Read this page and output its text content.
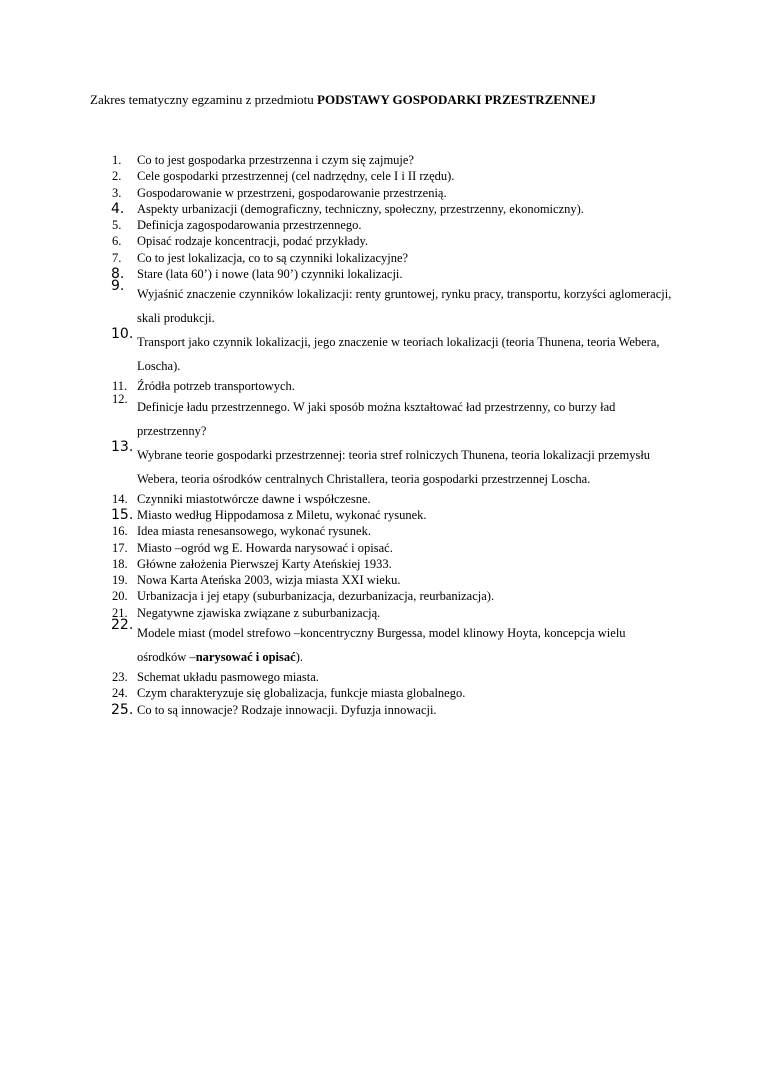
Zakres tematyczny egzaminu z przedmiotu PODSTAWY GOSPODARKI PRZESTRZENNEJ
1.	Co to jest gospodarka przestrzenna i czym się zajmuje?
2.	Cele gospodarki przestrzennej (cel nadrzędny, cele I i II rzędu).
3.	Gospodarowanie w przestrzeni, gospodarowanie przestrzenią.
4.	Aspekty urbanizacji (demograficzny, techniczny, społeczny, przestrzenny, ekonomiczny).
5.	Definicja zagospodarowania przestrzennego.
6.	Opisać rodzaje koncentracji, podać przykłady.
7.	Co to jest lokalizacja, co to są czynniki lokalizacyjne?
8.	Stare (lata 60’) i nowe (lata 90’) czynniki lokalizacji.
9.	Wyjaśnić znaczenie czynników lokalizacji: renty gruntowej, rynku pracy, transportu, korzyści aglomeracji, skali produkcji.
10. Transport jako czynnik lokalizacji, jego znaczenie w teoriach lokalizacji (teoria Thunena, teoria Webera, Loscha).
11. Źródła potrzeb transportowych.
12.
Definicje ładu przestrzennego. W jaki sposób można kształtować ład przestrzenny, co burzy ład przestrzenny?
13. Wybrane teorie gospodarki przestrzennej: teoria stref rolniczych Thunena, teoria lokalizacji przemysłu Webera, teoria ośrodków centralnych Christallera, teoria gospodarki przestrzennej Loscha.
14. Czynniki miastotwórcze dawne i współczesne.
15. Miasto według Hippodamosa z Miletu, wykonać rysunek.
16. Idea miasta renesansowego, wykonać rysunek.
17. Miasto –ogród wg E. Howarda narysować i opisać.
18. Główne założenia Pierwszej Karty Ateńskiej 1933.
19. Nowa Karta Ateńska 2003, wizja miasta XXI wieku.
20. Urbanizacja i jej etapy (suburbanizacja, dezurbanizacja, reurbanizacja).
21. Negatywne zjawiska związane z suburbanizacją.
22. Modele miast (model strefowo –koncentryczny Burgessa, model klinowy Hoyta, koncepcja wielu ośrodków –narysować i opisać).
23. Schemat układu pasmowego miasta.
24. Czym charakteryzuje się globalizacja, funkcje miasta globalnego.
25. Co to są innowacje? Rodzaje innowacji. Dyfuzja innowacji.
